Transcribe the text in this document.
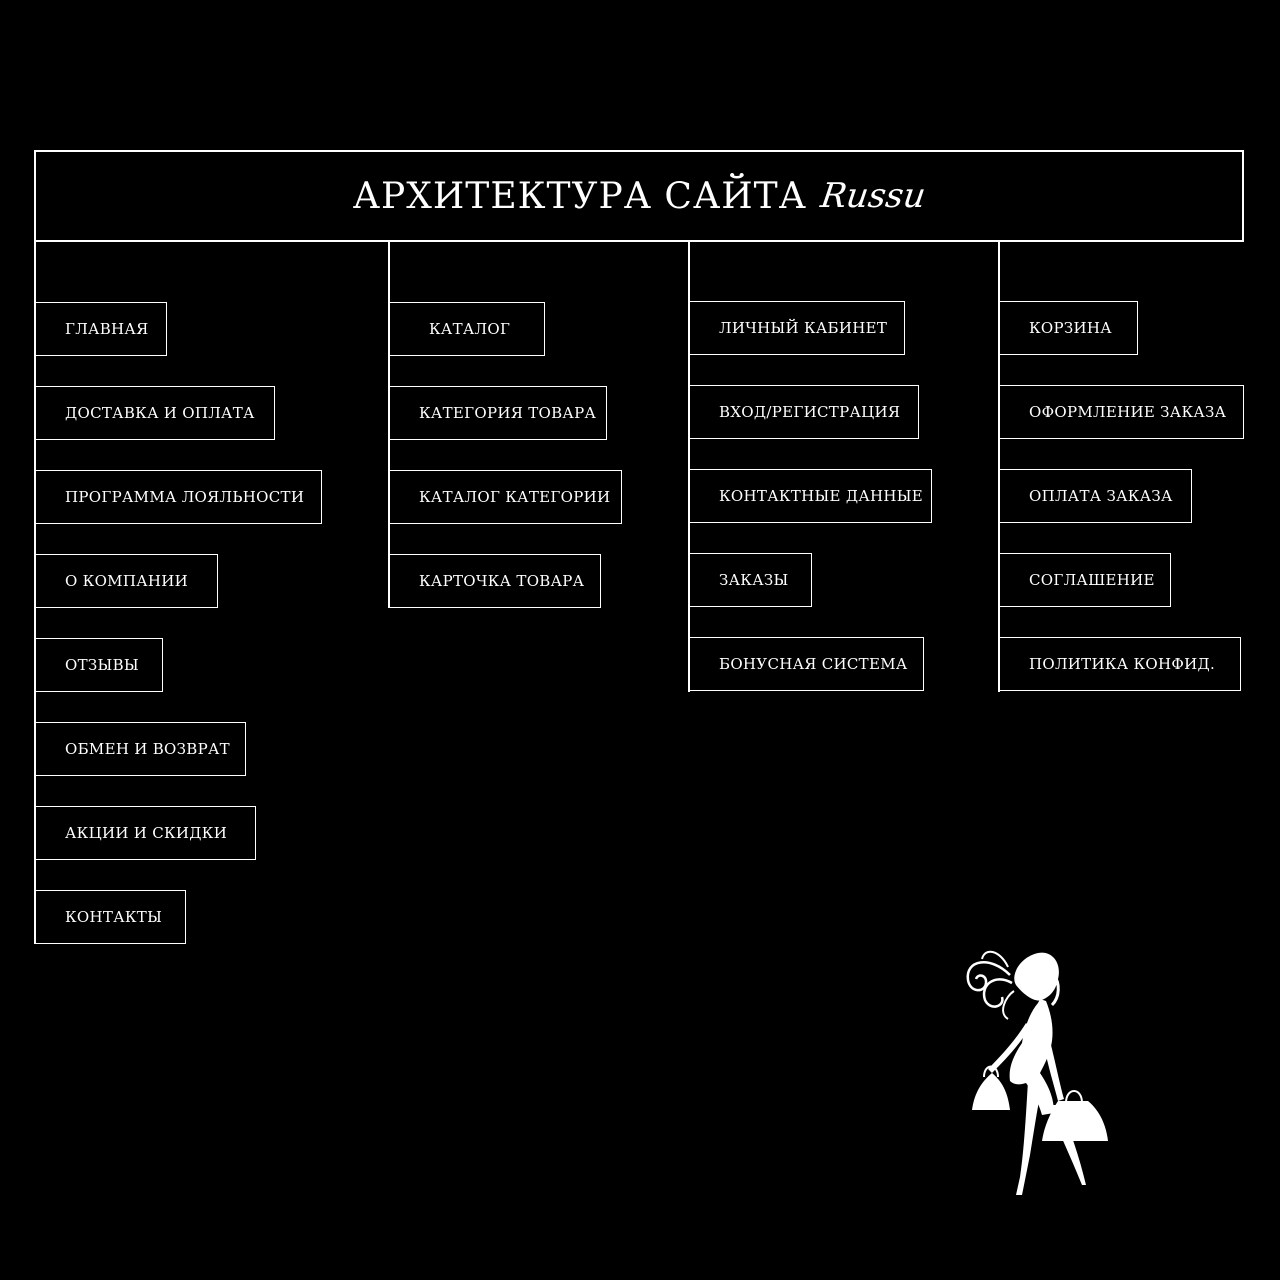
АРХИТЕКТУРА САЙТА Russu
ГЛАВНАЯ
ДОСТАВКА И ОПЛАТА
ПРОГРАММА ЛОЯЛЬНОСТИ
О КОМПАНИИ
ОТЗЫВЫ
ОБМЕН И ВОЗВРАТ
АКЦИИ И СКИДКИ
КОНТАКТЫ
КАТАЛОГ
КАТЕГОРИЯ ТОВАРА
КАТАЛОГ КАТЕГОРИИ
КАРТОЧКА ТОВАРА
ЛИЧНЫЙ КАБИНЕТ
ВХОД/РЕГИСТРАЦИЯ
КОНТАКТНЫЕ ДАННЫЕ
ЗАКАЗЫ
БОНУСНАЯ СИСТЕМА
КОРЗИНА
ОФОРМЛЕНИЕ ЗАКАЗА
ОПЛАТА ЗАКАЗА
СОГЛАШЕНИЕ
ПОЛИТИКА КОНФИД.
